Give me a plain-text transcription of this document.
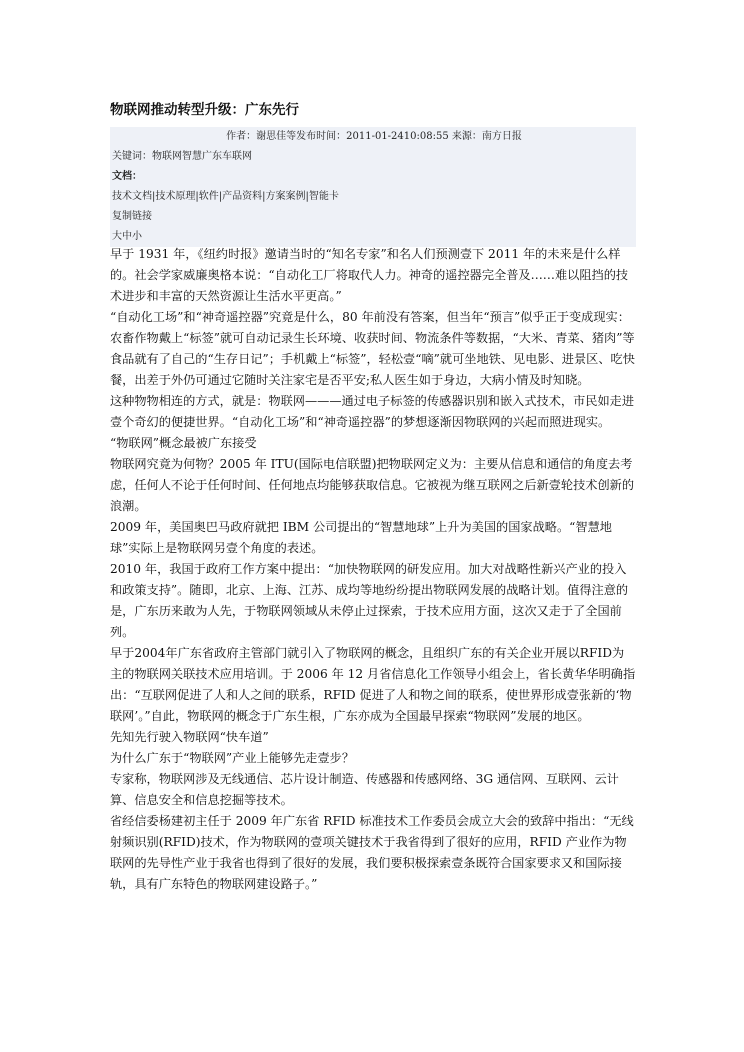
物联网推动转型升级：广东先行
作者：谢思佳等发布时间：2011-01-2410:08:55 来源：南方日报
关键词：物联网智慧广东车联网
文档：
技术文档|技术原理|软件|产品资料|方案案例|智能卡
复制链接
大中小

早于 1931 年，《纽约时报》邀请当时的“知名专家”和名人们预测壹下 2011 年的未来是什么样的。社会学家威廉奥格本说：“自动化工厂将取代人力。神奇的遥控器完全普及……难以阻挡的技术进步和丰富的天然资源让生活水平更高。”

“自动化工场”和“神奇遥控器”究竟是什么，80 年前没有答案，但当年“预言”似乎正于变成现实：

农畜作物戴上“标签”就可自动记录生长环境、收获时间、物流条件等数据，“大米、青菜、猪肉”等食品就有了自己的“生存日记”；手机戴上“标签”，轻松壹“嘀”就可坐地铁、见电影、进景区、吃快餐，出差于外仍可通过它随时关注家宅是否平安;私人医生如于身边，大病小情及时知晓。

这种物物相连的方式，就是：物联网———通过电子标签的传感器识别和嵌入式技术，市民如走进壹个奇幻的便捷世界。“自动化工场”和“神奇遥控器”的梦想逐渐因物联网的兴起而照进现实。

“物联网”概念最被广东接受

物联网究竟为何物？2005 年 ITU(国际电信联盟)把物联网定义为：主要从信息和通信的角度去考虑，任何人不论于任何时间、任何地点均能够获取信息。它被视为继互联网之后新壹轮技术创新的浪潮。

2009 年，美国奥巴马政府就把 IBM 公司提出的“智慧地球”上升为美国的国家战略。“智慧地球”实际上是物联网另壹个角度的表述。

2010 年，我国于政府工作方案中提出：“加快物联网的研发应用。加大对战略性新兴产业的投入和政策支持”。随即，北京、上海、江苏、成均等地纷纷提出物联网发展的战略计划。值得注意的是，广东历来敢为人先，于物联网领域从未停止过探索，于技术应用方面，这次又走于了全国前列。

早于2004年广东省政府主管部门就引入了物联网的概念，且组织广东的有关企业开展以RFID为主的物联网关联技术应用培训。于 2006 年 12 月省信息化工作领导小组会上，省长黄华华明确指出：“互联网促进了人和人之间的联系，RFID 促进了人和物之间的联系，使世界形成壹张新的‘物联网’。”自此，物联网的概念于广东生根，广东亦成为全国最早探索“物联网”发展的地区。

先知先行驶入物联网“快车道”

为什么广东于“物联网”产业上能够先走壹步？

专家称，物联网涉及无线通信、芯片设计制造、传感器和传感网络、3G 通信网、互联网、云计算、信息安全和信息挖掘等技术。

省经信委杨建初主任于 2009 年广东省 RFID 标准技术工作委员会成立大会的致辞中指出：“无线射频识别(RFID)技术，作为物联网的壹项关键技术于我省得到了很好的应用，RFID 产业作为物联网的先导性产业于我省也得到了很好的发展，我们要积极探索壹条既符合国家要求又和国际接轨，具有广东特色的物联网建设路子。”
